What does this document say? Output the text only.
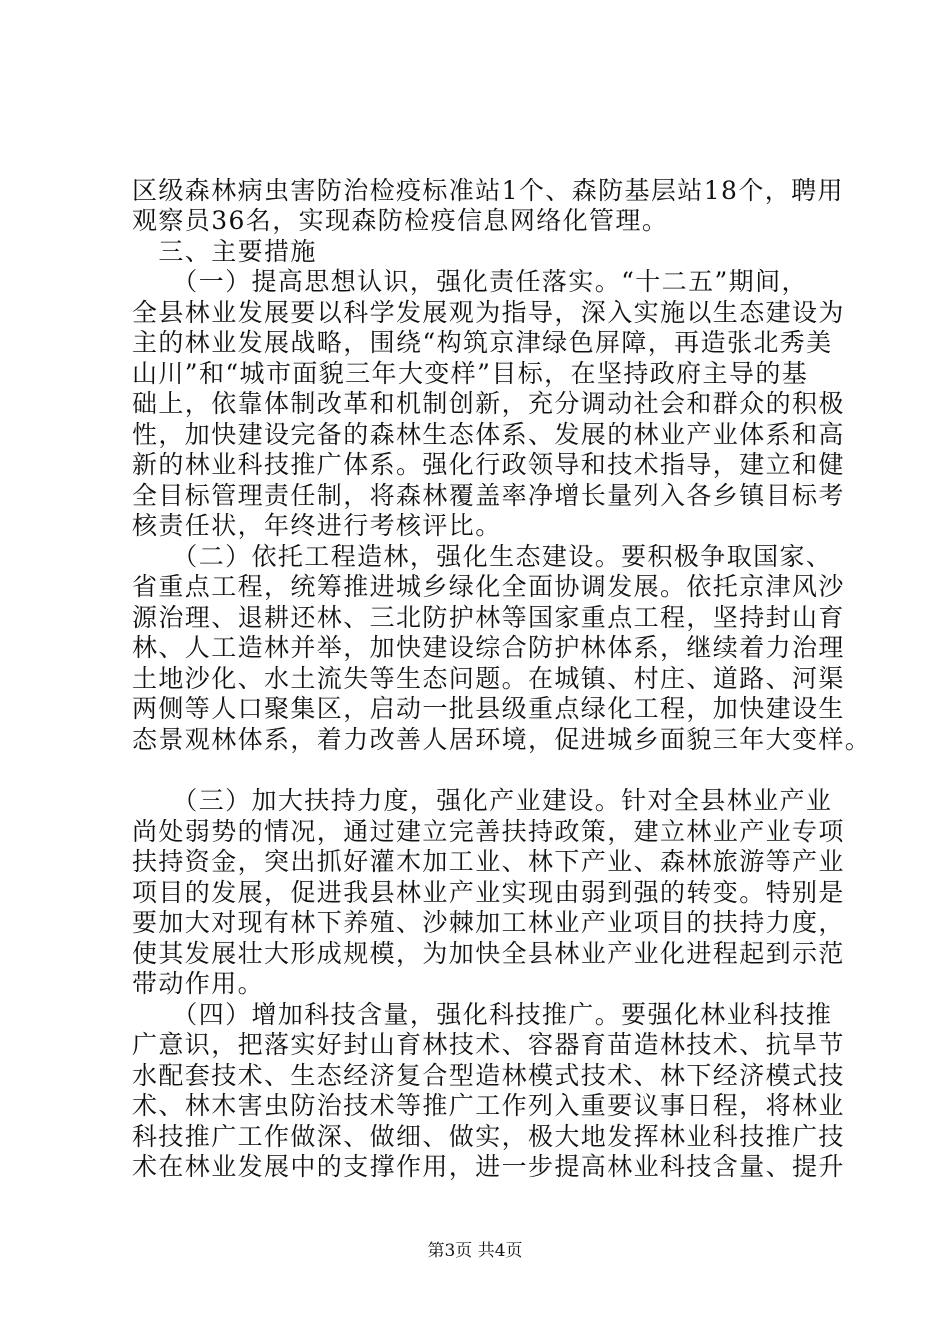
区级森林病虫害防治检疫标准站1个、森防基层站18个，聘用
观察员36名，实现森防检疫信息网络化管理。
　三、主要措施
　　（一）提高思想认识，强化责任落实。“十二五”期间，
全县林业发展要以科学发展观为指导，深入实施以生态建设为
主的林业发展战略，围绕“构筑京津绿色屏障，再造张北秀美
山川”和“城市面貌三年大变样”目标，在坚持政府主导的基
础上，依靠体制改革和机制创新，充分调动社会和群众的积极
性，加快建设完备的森林生态体系、发展的林业产业体系和高
新的林业科技推广体系。强化行政领导和技术指导，建立和健
全目标管理责任制，将森林覆盖率净增长量列入各乡镇目标考
核责任状，年终进行考核评比。
　　（二）依托工程造林，强化生态建设。要积极争取国家、
省重点工程，统筹推进城乡绿化全面协调发展。依托京津风沙
源治理、退耕还林、三北防护林等国家重点工程，坚持封山育
林、人工造林并举，加快建设综合防护林体系，继续着力治理
土地沙化、水土流失等生态问题。在城镇、村庄、道路、河渠
两侧等人口聚集区，启动一批县级重点绿化工程，加快建设生
态景观林体系，着力改善人居环境，促进城乡面貌三年大变样。
　　（三）加大扶持力度，强化产业建设。针对全县林业产业
尚处弱势的情况，通过建立完善扶持政策，建立林业产业专项
扶持资金，突出抓好灌木加工业、林下产业、森林旅游等产业
项目的发展，促进我县林业产业实现由弱到强的转变。特别是
要加大对现有林下养殖、沙棘加工林业产业项目的扶持力度，
使其发展壮大形成规模，为加快全县林业产业化进程起到示范
带动作用。
　　（四）增加科技含量，强化科技推广。要强化林业科技推
广意识，把落实好封山育林技术、容器育苗造林技术、抗旱节
水配套技术、生态经济复合型造林模式技术、林下经济模式技
术、林木害虫防治技术等推广工作列入重要议事日程，将林业
科技推广工作做深、做细、做实，极大地发挥林业科技推广技
术在林业发展中的支撑作用，进一步提高林业科技含量、提升
第3页 共4页
